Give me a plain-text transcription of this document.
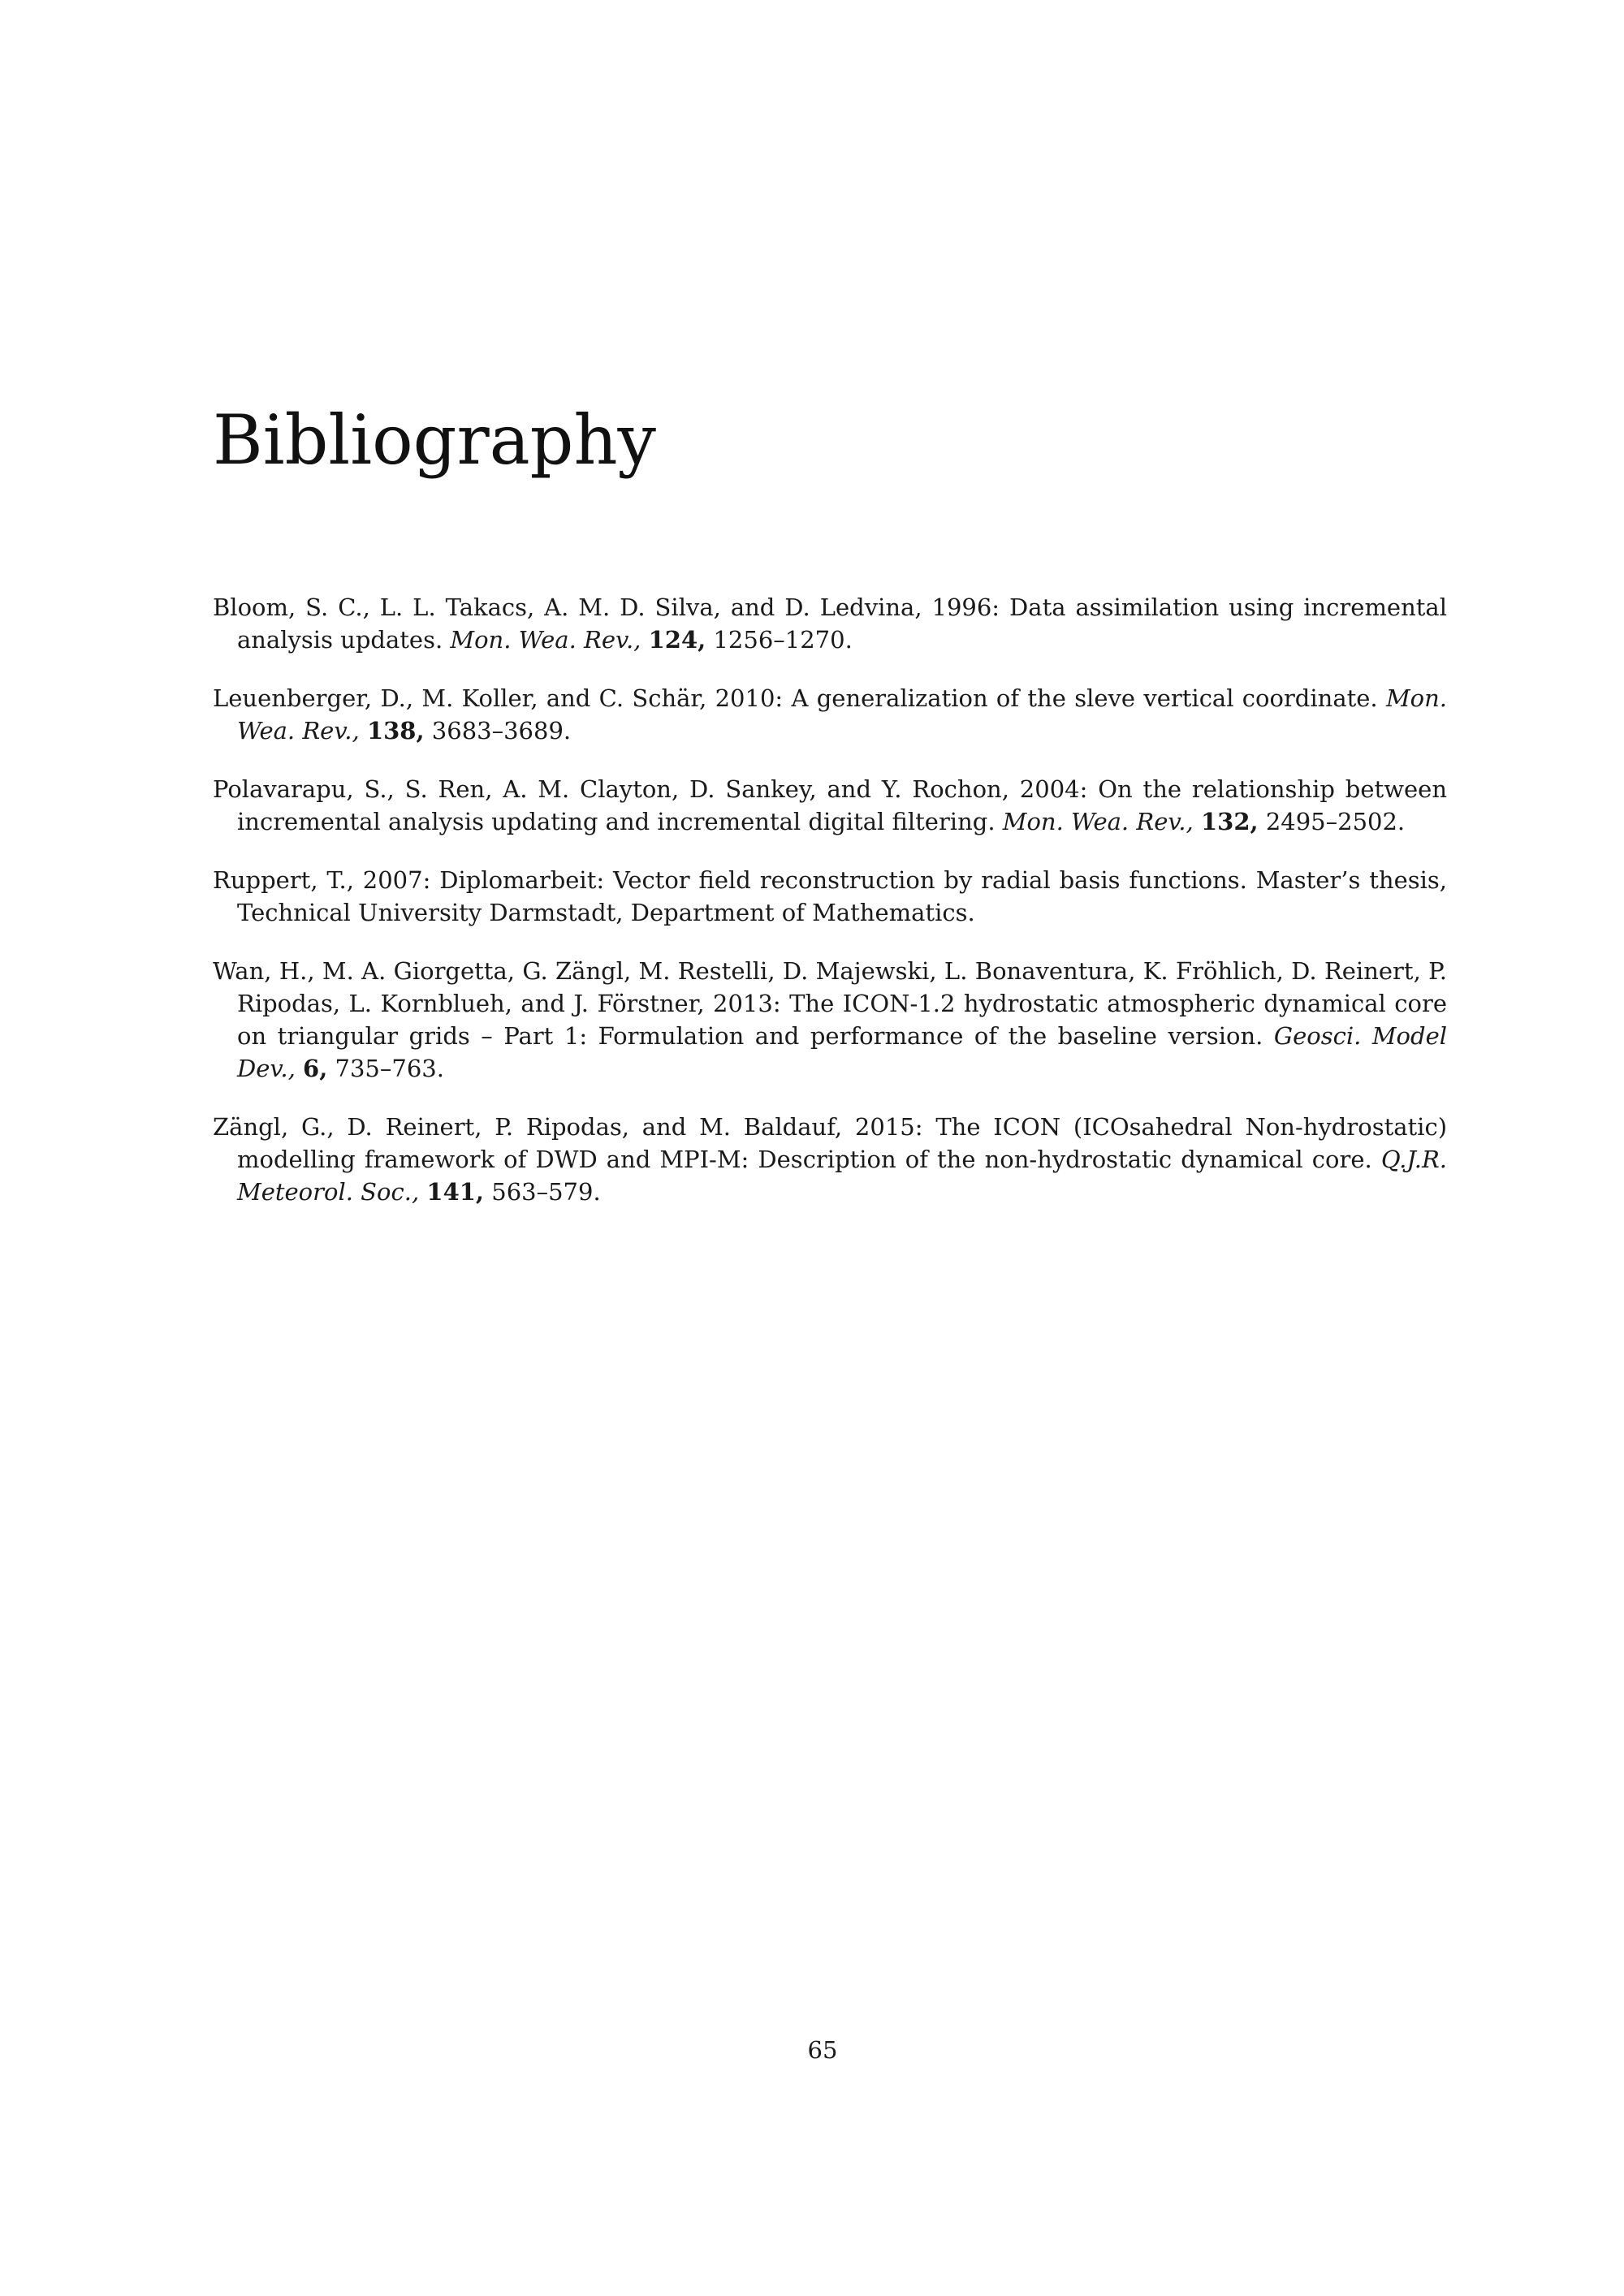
Bibliography
Bloom, S. C., L. L. Takacs, A. M. D. Silva, and D. Ledvina, 1996: Data assimilation using incremental analysis updates. Mon. Wea. Rev., 124, 1256–1270.
Leuenberger, D., M. Koller, and C. Schär, 2010: A generalization of the sleve vertical coordinate. Mon. Wea. Rev., 138, 3683–3689.
Polavarapu, S., S. Ren, A. M. Clayton, D. Sankey, and Y. Rochon, 2004: On the relationship between incremental analysis updating and incremental digital filtering. Mon. Wea. Rev., 132, 2495–2502.
Ruppert, T., 2007: Diplomarbeit: Vector field reconstruction by radial basis functions. Master’s thesis, Technical University Darmstadt, Department of Mathematics.
Wan, H., M. A. Giorgetta, G. Zängl, M. Restelli, D. Majewski, L. Bonaventura, K. Fröhlich, D. Reinert, P. Ripodas, L. Kornblueh, and J. Förstner, 2013: The ICON-1.2 hydrostatic atmospheric dynamical core on triangular grids – Part 1: Formulation and performance of the baseline version. Geosci. Model Dev., 6, 735–763.
Zängl, G., D. Reinert, P. Ripodas, and M. Baldauf, 2015: The ICON (ICOsahedral Non-hydrostatic) modelling framework of DWD and MPI-M: Description of the non-hydrostatic dynamical core. Q.J.R. Meteorol. Soc., 141, 563–579.
65
